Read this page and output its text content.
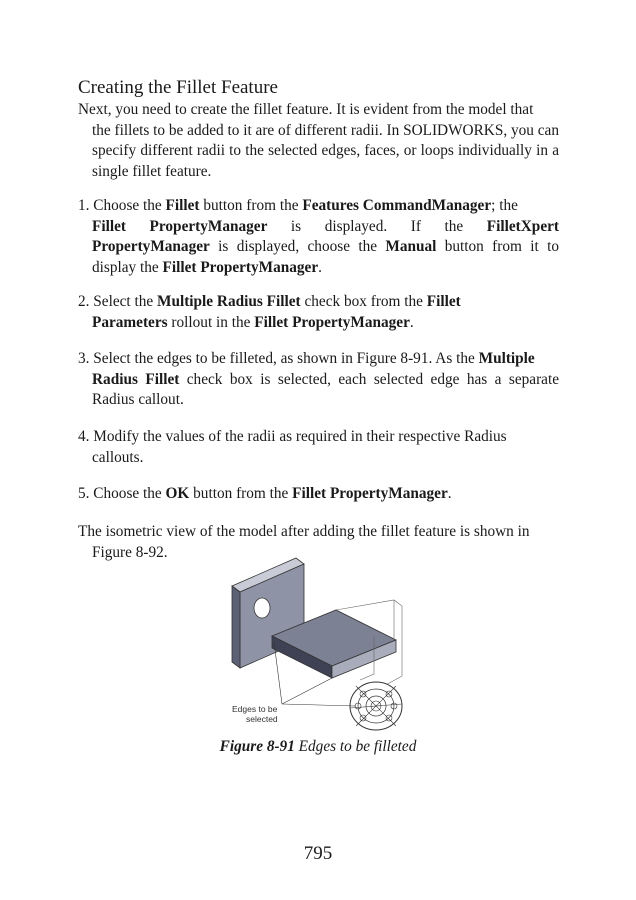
Creating the Fillet Feature
Next, you need to create the fillet feature. It is evident from the model that
the fillets to be added to it are of different radii. In SOLIDWORKS, you can specify different radii to the selected edges, faces, or loops individually in a single fillet feature.
1. Choose the Fillet button from the Features CommandManager; the
Fillet PropertyManager is displayed. If the FilletXpert PropertyManager is displayed, choose the Manual button from it to display the Fillet PropertyManager.
2. Select the Multiple Radius Fillet check box from the Fillet
Parameters rollout in the Fillet PropertyManager.
3. Select the edges to be filleted, as shown in Figure 8-91. As the Multiple
Radius Fillet check box is selected, each selected edge has a separate Radius callout.
4. Modify the values of the radii as required in their respective Radius
callouts.
5. Choose the OK button from the Fillet PropertyManager.
The isometric view of the model after adding the fillet feature is shown in
Figure 8-92.
Edges to be
selected
Figure 8-91 Edges to be filleted
795
